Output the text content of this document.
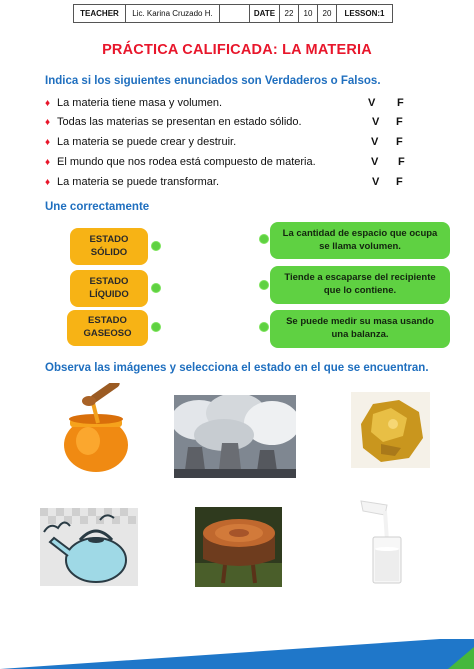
TEACHER	Lic. Karina Cruzado H.	DATE	22	10	20	LESSON:1
PRÁCTICA CALIFICADA: LA MATERIA
Indica si los siguientes enunciados son Verdaderos o Falsos.
♦ La materia tiene masa y volumen.	V F
♦ Todas las materias se presentan en estado sólido.	V F
♦ La materia se puede crear y destruir.	V F
♦ El mundo que nos rodea está compuesto de materia.	V F
♦ La materia se puede transformar.	V F
Une correctamente
ESTADO
SÓLIDO
ESTADO
LÍQUIDO
ESTADO
GASEOSO
La cantidad de espacio que ocupa
se llama volumen.
Tiende a escaparse del recipiente
que lo contiene.
Se puede medir su masa usando
una balanza.
Observa las imágenes y selecciona el estado en el que se encuentran.
